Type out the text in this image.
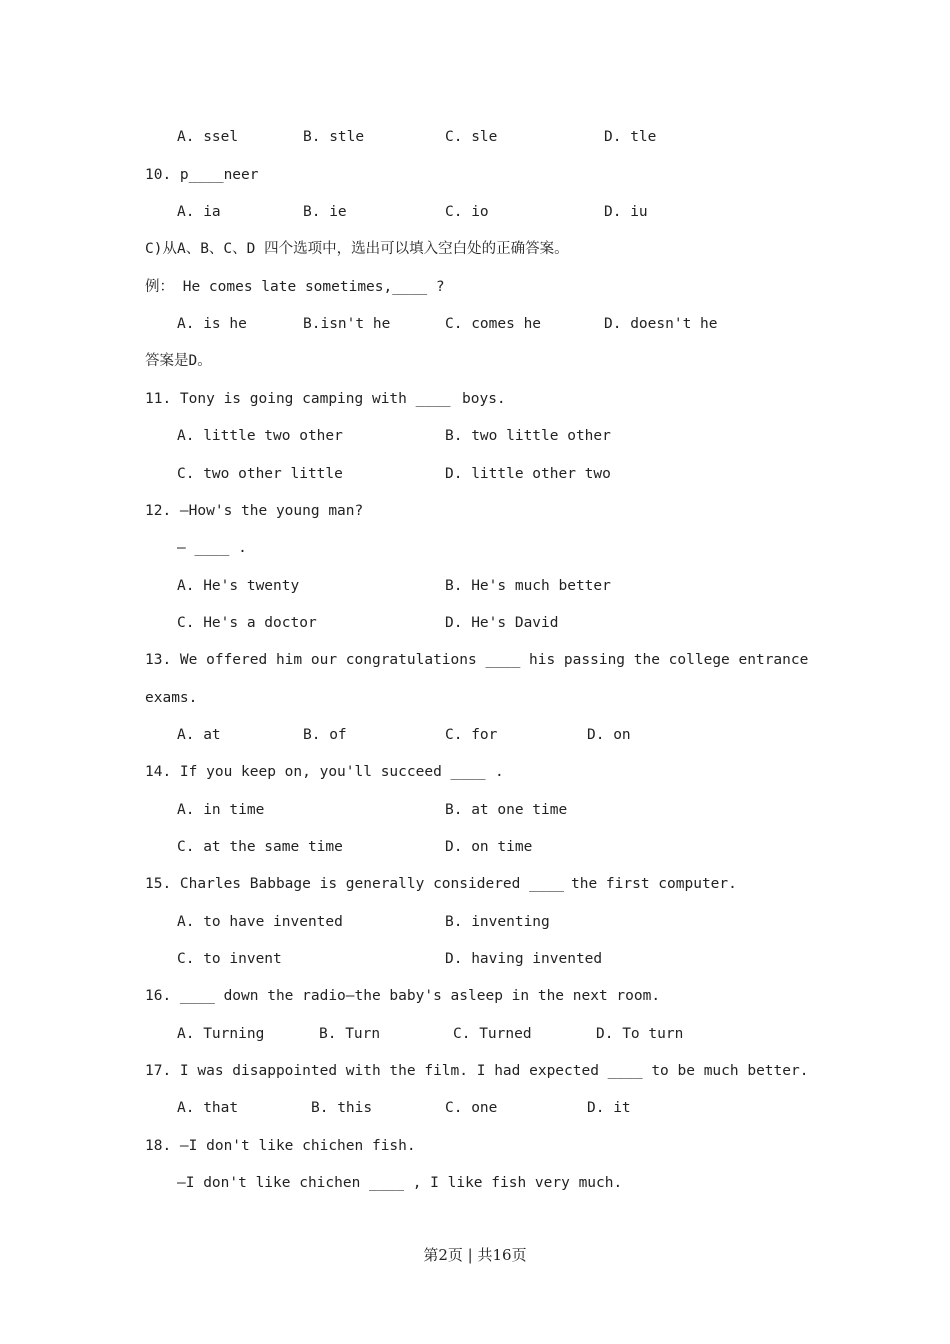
A. ssel	B. stle	C. sle	D. tle
10. p____neer
A. ia	B. ie	C. io	D. iu
C)从A、B、C、D 四个选项中，选出可以填入空白处的正确答案。
例： He comes late sometimes,____ ?
A. is he	B.isn't he	C. comes he	D. doesn't he
答案是D。
11. Tony is going camping with ____ boys.
A. little two other	B. two little other
C. two other little	D. little other two
12. —How's the young man?
— ____ .
A. He's twenty	B. He's much better
C. He's a doctor	D. He's David
13. We offered him our congratulations ____ his passing the college entrance
exams.
A. at	B. of	C. for	D. on
14. If you keep on, you'll succeed ____ .
A. in time	B. at one time
C. at the same time	D. on time
15. Charles Babbage is generally considered ____
the first computer.
A. to have invented	B. inventing
C. to invent	D. having invented
16. ____ down the radio—the baby's asleep in the next room.
A. Turning	B. Turn	C. Turned	D. To turn
17. I was disappointed with the film. I had expected ____ to be much better.
A. that	B. this	C. one	D. it
18. —I don't like chichen fish.
—I don't like chichen ____ , I like fish very much.
第2页 | 共16页
